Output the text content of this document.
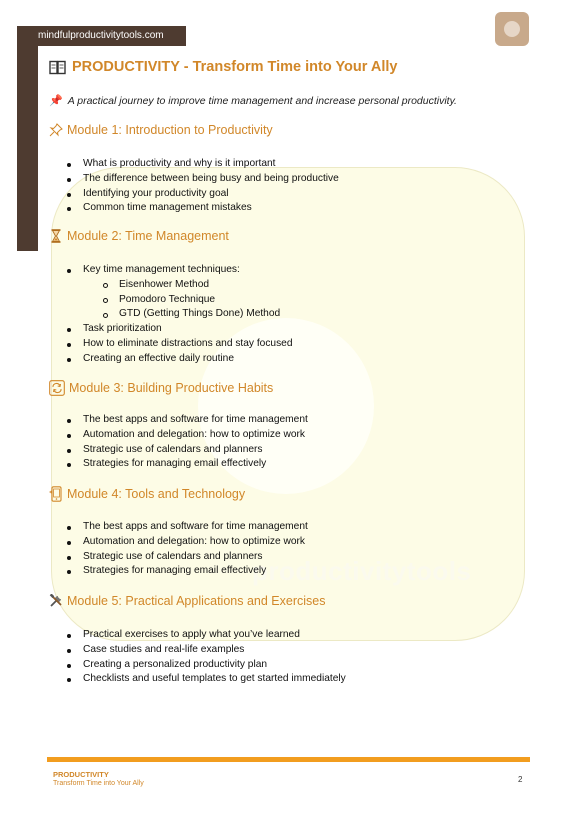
mindfulproductivitytools.com
productivitytools
PRODUCTIVITY - Transform Time into Your Ally
📌 A practical journey to improve time management and increase personal productivity.
Module 1: Introduction to Productivity
What is productivity and why is it important
The difference between being busy and being productive
Identifying your productivity goal
Common time management mistakes
Module 2: Time Management
Key time management techniques:
Eisenhower Method
Pomodoro Technique
GTD (Getting Things Done) Method
Task prioritization
How to eliminate distractions and stay focused
Creating an effective daily routine
Module 3: Building Productive Habits
The best apps and software for time management
Automation and delegation: how to optimize work
Strategic use of calendars and planners
Strategies for managing email effectively
Module 4: Tools and Technology
The best apps and software for time management
Automation and delegation: how to optimize work
Strategic use of calendars and planners
Strategies for managing email effectively
Module 5: Practical Applications and Exercises
Practical exercises to apply what you’ve learned
Case studies and real-life examples
Creating a personalized productivity plan
Checklists and useful templates to get started immediately
PRODUCTIVITY
Transform Time into Your Ally	2
